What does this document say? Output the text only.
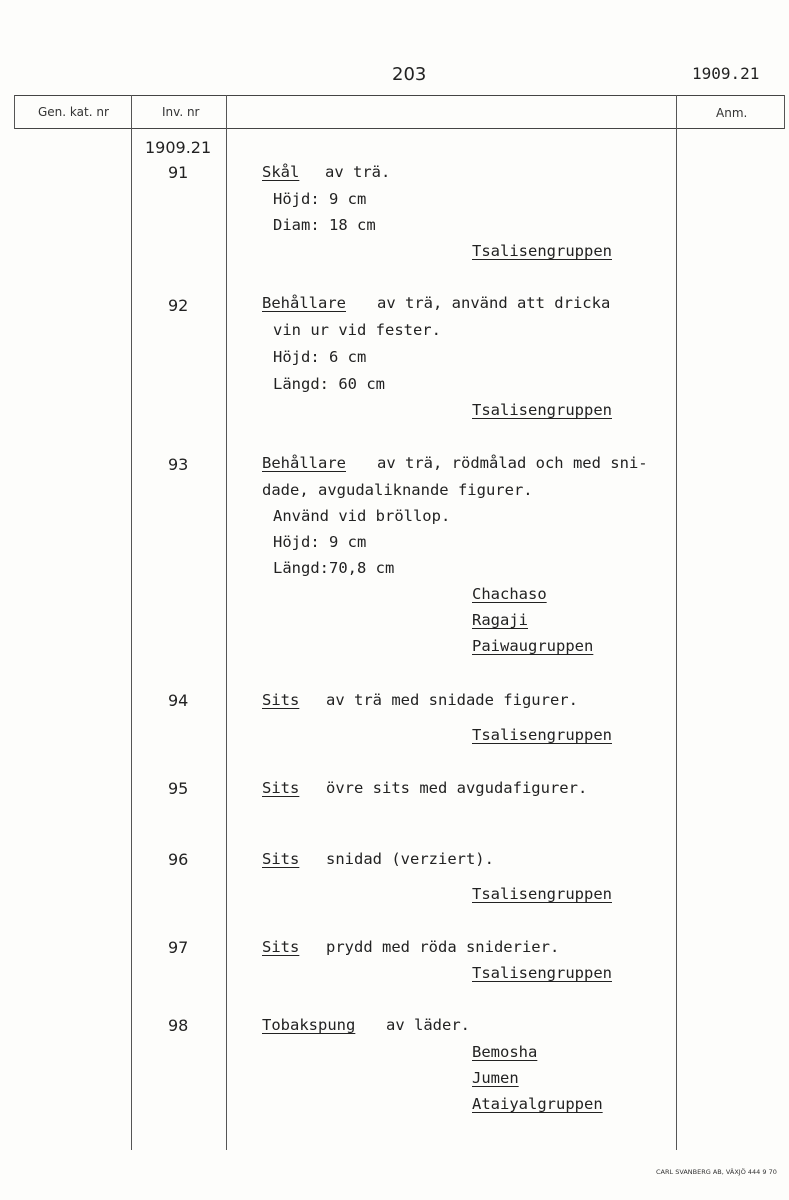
203	1909.21
Gen. kat. nr	Inv. nr	Anm.
1909.21
91	Skål av trä.
Höjd: 9 cm
Diam: 18 cm
Tsalisengruppen
92	Behållare av trä, använd att dricka
vin ur vid fester.
Höjd: 6 cm
Längd: 60 cm
Tsalisengruppen
93	Behållare av trä, rödmålad och med sni-
dade, avgudaliknande figurer.
Använd vid bröllop.
Höjd: 9 cm
Längd:70,8 cm
Chachaso
Ragaji
Paiwaugruppen
94	Sits av trä med snidade figurer.
Tsalisengruppen
95	Sits övre sits med avgudafigurer.
96	Sits snidad (verziert).
Tsalisengruppen
97	Sits prydd med röda sniderier.
Tsalisengruppen
98	Tobakspung av läder.
Bemosha
Jumen
Ataiyalgruppen
CARL SVANBERG AB, VÄXJÖ 444 9 70
